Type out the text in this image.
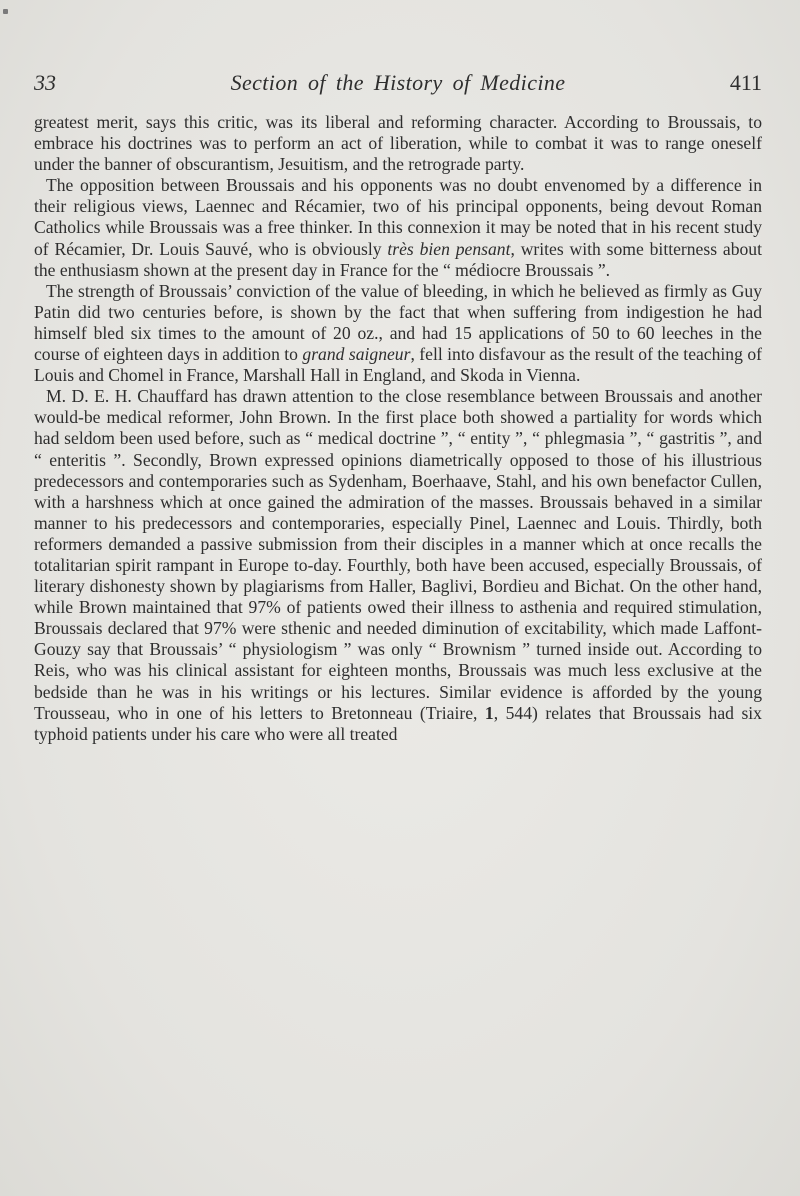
33	Section of the History of Medicine	411

greatest merit, says this critic, was its liberal and reforming character. According to Broussais, to embrace his doctrines was to perform an act of liberation, while to combat it was to range oneself under the banner of obscurantism, Jesuitism, and the retrograde party.

The opposition between Broussais and his opponents was no doubt envenomed by a difference in their religious views, Laennec and Récamier, two of his principal opponents, being devout Roman Catholics while Broussais was a free thinker. In this connexion it may be noted that in his recent study of Récamier, Dr. Louis Sauvé, who is obviously très bien pensant, writes with some bitterness about the enthusiasm shown at the present day in France for the “ médiocre Broussais ”.

The strength of Broussais’ conviction of the value of bleeding, in which he believed as firmly as Guy Patin did two centuries before, is shown by the fact that when suffering from indigestion he had himself bled six times to the amount of 20 oz., and had 15 applications of 50 to 60 leeches in the course of eighteen days in addition to grand saigneur, fell into disfavour as the result of the teaching of Louis and Chomel in France, Marshall Hall in England, and Skoda in Vienna.

M. D. E. H. Chauffard has drawn attention to the close resemblance between Broussais and another would-be medical reformer, John Brown. In the first place both showed a partiality for words which had seldom been used before, such as “ medical doctrine ”, “ entity ”, “ phlegmasia ”, “ gastritis ”, and “ enteritis ”. Secondly, Brown expressed opinions diametrically opposed to those of his illustrious predecessors and contemporaries such as Sydenham, Boerhaave, Stahl, and his own benefactor Cullen, with a harshness which at once gained the admiration of the masses. Broussais behaved in a similar manner to his predecessors and contemporaries, especially Pinel, Laennec and Louis. Thirdly, both reformers demanded a passive submission from their disciples in a manner which at once recalls the totalitarian spirit rampant in Europe to-day. Fourthly, both have been accused, especially Broussais, of literary dishonesty shown by plagiarisms from Haller, Baglivi, Bordieu and Bichat. On the other hand, while Brown maintained that 97% of patients owed their illness to asthenia and required stimulation, Broussais declared that 97% were sthenic and needed diminution of excitability, which made Laffont-Gouzy say that Broussais’ “ physiologism ” was only “ Brownism ” turned inside out. According to Reis, who was his clinical assistant for eighteen months, Broussais was much less exclusive at the bedside than he was in his writings or his lectures. Similar evidence is afforded by the young Trousseau, who in one of his letters to Bretonneau (Triaire, 1, 544) relates that Broussais had six typhoid patients under his care who were all treated
